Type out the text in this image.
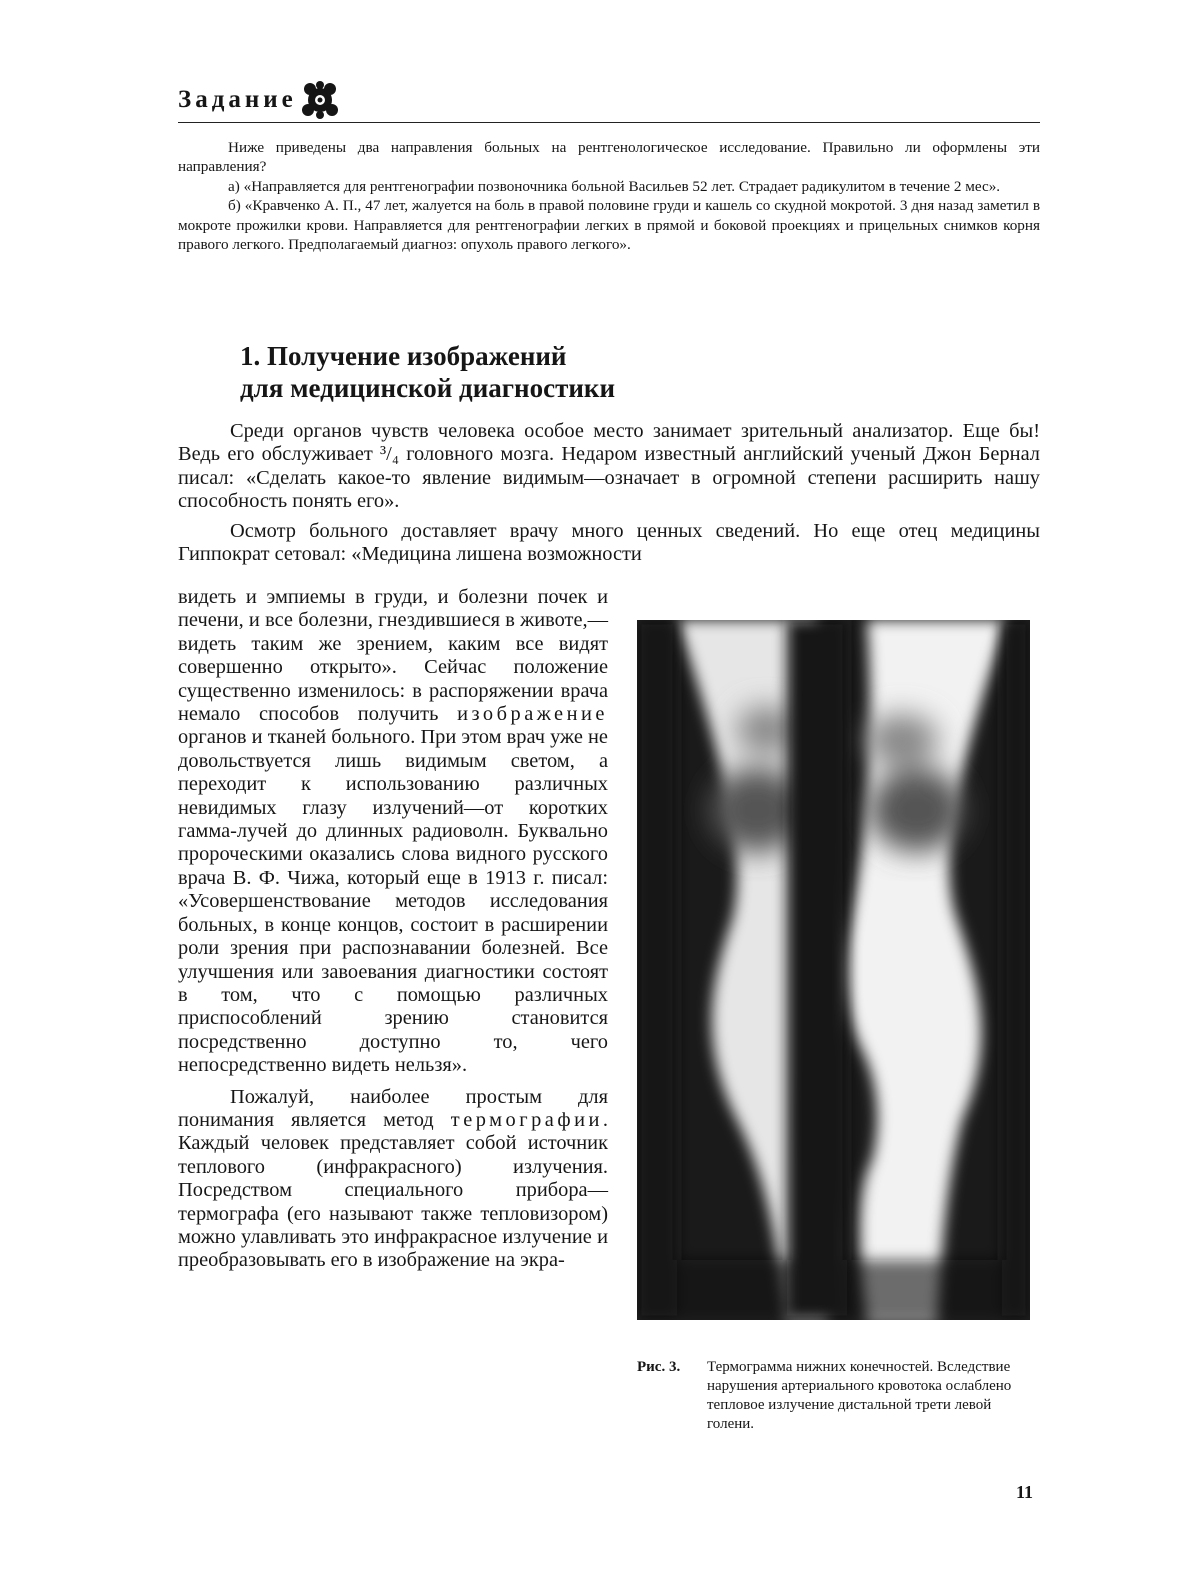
Задание

Ниже приведены два направления больных на рентгенологическое исследование. Правильно ли оформлены эти направления?

а) «Направляется для рентгенографии позвоночника больной Васильев 52 лет. Страдает радикулитом в течение 2 мес».

б) «Кравченко А. П., 47 лет, жалуется на боль в правой половине груди и кашель со скудной мокротой. 3 дня назад заметил в мокроте прожилки крови. Направляется для рентгенографии легких в прямой и боковой проекциях и прицельных снимков корня правого легкого. Предполагаемый диагноз: опухоль правого легкого».

1. Получение изображений
для медицинской диагностики

Среди органов чувств человека особое место занимает зрительный анализатор. Еще бы! Ведь его обслуживает ³/₄ головного мозга. Недаром известный английский ученый Джон Бернал писал: «Сделать какое-то явление видимым—означает в огромной степени расширить нашу способность понять его».

Осмотр больного доставляет врачу много ценных сведений. Но еще отец медицины Гиппократ сетовал: «Медицина лишена возможности

видеть и эмпиемы в груди, и болезни почек и печени, и все болезни, гнездившиеся в животе,—видеть таким же зрением, каким все видят совершенно открыто». Сейчас положение существенно изменилось: в распоряжении врача немало способов получить изображение органов и тканей больного. При этом врач уже не довольствуется лишь видимым светом, а переходит к использованию различных невидимых глазу излучений—от коротких гамма-лучей до длинных радиоволн. Буквально пророческими оказались слова видного русского врача В. Ф. Чижа, который еще в 1913 г. писал: «Усовершенствование методов исследования больных, в конце концов, состоит в расширении роли зрения при распознавании болезней. Все улучшения или завоевания диагностики состоят в том, что с помощью различных приспособлений зрению становится посредственно доступно то, чего непосредственно видеть нельзя».

Пожалуй, наиболее простым для понимания является метод термографии. Каждый человек представляет собой источник теплового (инфракрасного) излучения. Посредством специального прибора—термографа (его называют также тепловизором) можно улавливать это инфракрасное излучение и преобразовывать его в изображение на экра-

Рис. 3. Термограмма нижних конечностей. Вследствие нарушения артериального кровотока ослаблено тепловое излучение дистальной трети левой голени.
11
